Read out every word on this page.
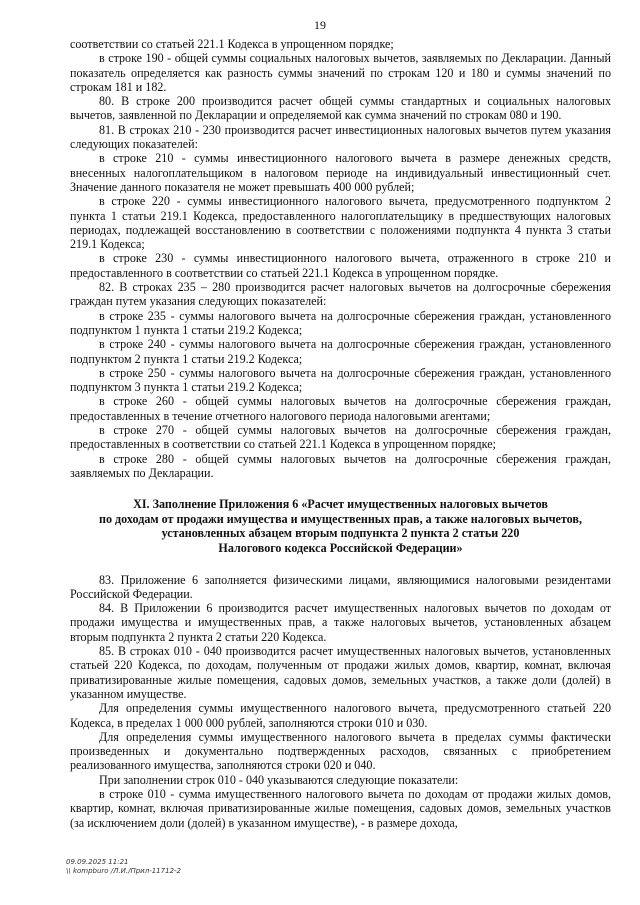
19

соответствии со статьей 221.1 Кодекса в упрощенном порядке;

в строке 190 - общей суммы социальных налоговых вычетов, заявляемых по Декларации. Данный показатель определяется как разность суммы значений по строкам 120 и 180 и суммы значений по строкам 181 и 182.

80. В строке 200 производится расчет общей суммы стандартных и социальных налоговых вычетов, заявленной по Декларации и определяемой как сумма значений по строкам 080 и 190.

81. В строках 210 - 230 производится расчет инвестиционных налоговых вычетов путем указания следующих показателей:

в строке 210 - суммы инвестиционного налогового вычета в размере денежных средств, внесенных налогоплательщиком в налоговом периоде на индивидуальный инвестиционный счет. Значение данного показателя не может превышать 400 000 рублей;

в строке 220 - суммы инвестиционного налогового вычета, предусмотренного подпунктом 2 пункта 1 статьи 219.1 Кодекса, предоставленного налогоплательщику в предшествующих налоговых периодах, подлежащей восстановлению в соответствии с положениями подпункта 4 пункта 3 статьи 219.1 Кодекса;

в строке 230 - суммы инвестиционного налогового вычета, отраженного в строке 210 и предоставленного в соответствии со статьей 221.1 Кодекса в упрощенном порядке.

82. В строках 235 – 280 производится расчет налоговых вычетов на долгосрочные сбережения граждан путем указания следующих показателей:

в строке 235 - суммы налогового вычета на долгосрочные сбережения граждан, установленного подпунктом 1 пункта 1 статьи 219.2 Кодекса;

в строке 240 - суммы налогового вычета на долгосрочные сбережения граждан, установленного подпунктом 2 пункта 1 статьи 219.2 Кодекса;

в строке 250 - суммы налогового вычета на долгосрочные сбережения граждан, установленного подпунктом 3 пункта 1 статьи 219.2 Кодекса;

в строке 260 - общей суммы налоговых вычетов на долгосрочные сбережения граждан, предоставленных в течение отчетного налогового периода налоговыми агентами;

в строке 270 - общей суммы налоговых вычетов на долгосрочные сбережения граждан, предоставленных в соответствии со статьей 221.1 Кодекса в упрощенном порядке;

в строке 280 - общей суммы налоговых вычетов на долгосрочные сбережения граждан, заявляемых по Декларации.

XI. Заполнение Приложения 6 «Расчет имущественных налоговых вычетов
по доходам от продажи имущества и имущественных прав, а также налоговых вычетов,
установленных абзацем вторым подпункта 2 пункта 2 статьи 220
Налогового кодекса Российской Федерации»

83. Приложение 6 заполняется физическими лицами, являющимися налоговыми резидентами Российской Федерации.

84. В Приложении 6 производится расчет имущественных налоговых вычетов по доходам от продажи имущества и имущественных прав, а также налоговых вычетов, установленных абзацем вторым подпункта 2 пункта 2 статьи 220 Кодекса.

85. В строках 010 - 040 производится расчет имущественных налоговых вычетов, установленных статьей 220 Кодекса, по доходам, полученным от продажи жилых домов, квартир, комнат, включая приватизированные жилые помещения, садовых домов, земельных участков, а также доли (долей) в указанном имуществе.

Для определения суммы имущественного налогового вычета, предусмотренного статьей 220 Кодекса, в пределах 1 000 000 рублей, заполняются строки 010 и 030.

Для определения суммы имущественного налогового вычета в пределах суммы фактически произведенных и документально подтвержденных расходов, связанных с приобретением реализованного имущества, заполняются строки 020 и 040.

При заполнении строк 010 - 040 указываются следующие показатели:

в строке 010 - сумма имущественного налогового вычета по доходам от продажи жилых домов, квартир, комнат, включая приватизированные жилые помещения, садовых домов, земельных участков (за исключением доли (долей) в указанном имуществе), - в размере дохода,

09.09.2025 11:21
\\ kompburo /Л.И./Прил-11712-2
